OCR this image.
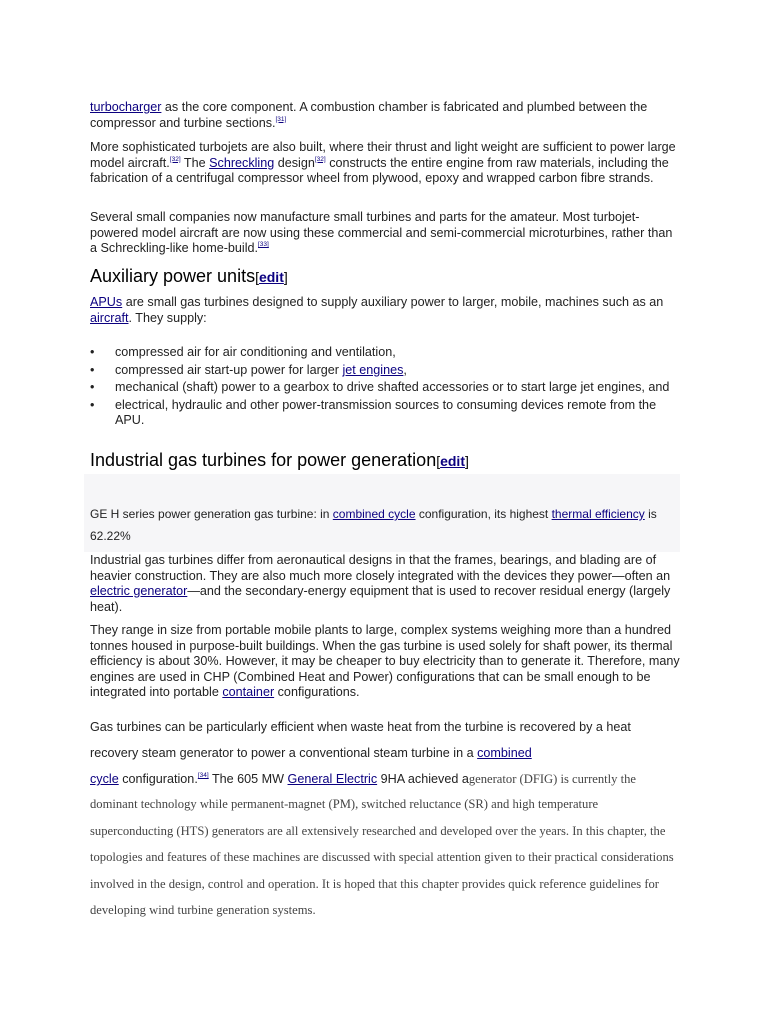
turbocharger as the core component. A combustion chamber is fabricated and plumbed between the compressor and turbine sections.[31]

More sophisticated turbojets are also built, where their thrust and light weight are sufficient to power large model aircraft.[32] The Schreckling design[32] constructs the entire engine from raw materials, including the fabrication of a centrifugal compressor wheel from plywood, epoxy and wrapped carbon fibre strands.

Several small companies now manufacture small turbines and parts for the amateur. Most turbojet-powered model aircraft are now using these commercial and semi-commercial microturbines, rather than a Schreckling-like home-build.[33]

Auxiliary power units[edit]

APUs are small gas turbines designed to supply auxiliary power to larger, mobile, machines such as an aircraft. They supply:

• compressed air for air conditioning and ventilation,
• compressed air start-up power for larger jet engines,
• mechanical (shaft) power to a gearbox to drive shafted accessories or to start large jet engines, and
• electrical, hydraulic and other power-transmission sources to consuming devices remote from the APU.
Industrial gas turbines for power generation[edit]

GE H series power generation gas turbine: in combined cycle configuration, its highest thermal efficiency is 62.22%

Industrial gas turbines differ from aeronautical designs in that the frames, bearings, and blading are of heavier construction. They are also much more closely integrated with the devices they power—often an electric generator—and the secondary-energy equipment that is used to recover residual energy (largely heat).

They range in size from portable mobile plants to large, complex systems weighing more than a hundred tonnes housed in purpose-built buildings. When the gas turbine is used solely for shaft power, its thermal efficiency is about 30%. However, it may be cheaper to buy electricity than to generate it. Therefore, many engines are used in CHP (Combined Heat and Power) configurations that can be small enough to be integrated into portable container configurations.

Gas turbines can be particularly efficient when waste heat from the turbine is recovered by a heat recovery steam generator to power a conventional steam turbine in a combined
cycle configuration.[34] The 605 MW General Electric 9HA achieved agenerator (DFIG) is currently the

dominant technology while permanent-magnet (PM), switched reluctance (SR) and high temperature superconducting (HTS) generators are all extensively researched and developed over the years. In this chapter, the topologies and features of these machines are discussed with special attention given to their practical considerations involved in the design, control and operation. It is hoped that this chapter provides quick reference guidelines for developing wind turbine generation systems.
